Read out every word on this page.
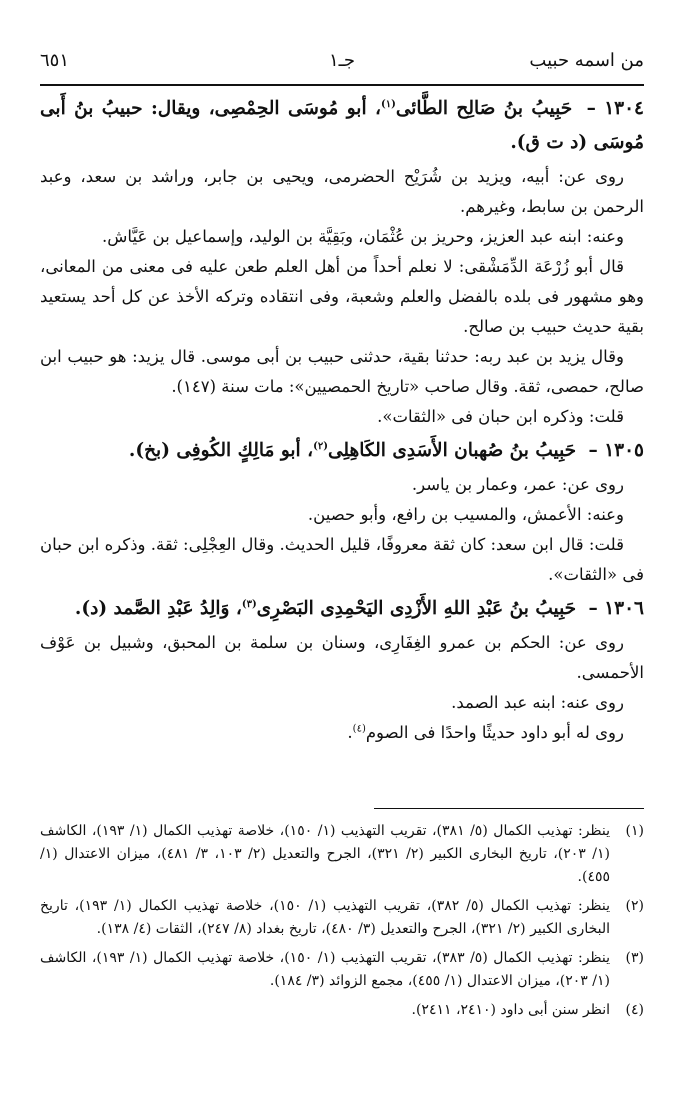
من اسمه حبيب
جـ١
٦٥١

١٣٠٤ – حَبِيبُ بنُ صَالِح الطَّائى$^{(١)}$، أبو مُوسَى الحِمْصِى، ويقال: حبيبُ بنُ أَبى مُوسَى (د ت ق).

روى عن: أبيه، ويزيد بن شُرَيْح الحضرمى، ويحيى بن جابر، وراشد بن سعد، وعبد الرحمن بن سابط، وغيرهم.

وعنه: ابنه عبد العزيز، وحريز بن عُثْمَان، وبَقِيَّة بن الوليد، وإسماعيل بن عَيَّاش.

قال أبو زُرْعَة الدِّمَشْقى: لا نعلم أحداً من أهل العلم طعن عليه فى معنى من المعانى، وهو مشهور فى بلده بالفضل والعلم وشعبة، وفى انتقاده وتركه الأخذ عن كل أحد يستعيد بقية حديث حبيب بن صالح.

وقال يزيد بن عبد ربه: حدثنا بقية، حدثنى حبيب بن أبى موسى. قال يزيد: هو حبيب ابن صالح، حمصى، ثقة. وقال صاحب «تاريخ الحمصيين»: مات سنة (١٤٧).

قلت: وذكره ابن حبان فى «الثقات».

١٣٠٥ – حَبِيبُ بنُ صُهبان الأَسَدِى الكَاهِلِى$^{(٢)}$، أبو مَالِكٍ الكُوفِى (بخ).

روى عن: عمر، وعمار بن ياسر.

وعنه: الأعمش، والمسيب بن رافع، وأبو حصين.

قلت: قال ابن سعد: كان ثقة معروفًا، قليل الحديث. وقال العِجْلِى: ثقة. وذكره ابن حبان فى «الثقات».

١٣٠٦ – حَبِيبُ بنُ عَبْدِ اللهِ الأَزْدِى اليَحْمِدِى البَصْرِى$^{(٣)}$، وَالِدُ عَبْدِ الصَّمد (د).

روى عن: الحكم بن عمرو الغِفَارِى، وسنان بن سلمة بن المحبق، وشبيل بن عَوْف الأحمسى.

روى عنه: ابنه عبد الصمد.

روى له أبو داود حديثًا واحدًا فى الصوم$^{(٤)}$.

(١)
ينظر: تهذيب الكمال (٥/ ٣٨١)، تقريب التهذيب (١/ ١٥٠)، خلاصة تهذيب الكمال (١/ ١٩٣)، الكاشف (١/ ٢٠٣)، تاريخ البخارى الكبير (٢/ ٣٢١)، الجرح والتعديل (٢/ ١٠٣، ٣/ ٤٨١)، ميزان الاعتدال (١/ ٤٥٥).
(٢)
ينظر: تهذيب الكمال (٥/ ٣٨٢)، تقريب التهذيب (١/ ١٥٠)، خلاصة تهذيب الكمال (١/ ١٩٣)، تاريخ البخارى الكبير (٢/ ٣٢١)، الجرح والتعديل (٣/ ٤٨٠)، تاريخ بغداد (٨/ ٢٤٧)، الثقات (٤/ ١٣٨).
(٣)
ينظر: تهذيب الكمال (٥/ ٣٨٣)، تقريب التهذيب (١/ ١٥٠)، خلاصة تهذيب الكمال (١/ ١٩٣)، الكاشف (١/ ٢٠٣)، ميزان الاعتدال (١/ ٤٥٥)، مجمع الزوائد (٣/ ١٨٤).
(٤)
انظر سنن أبى داود (٢٤١٠، ٢٤١١).
